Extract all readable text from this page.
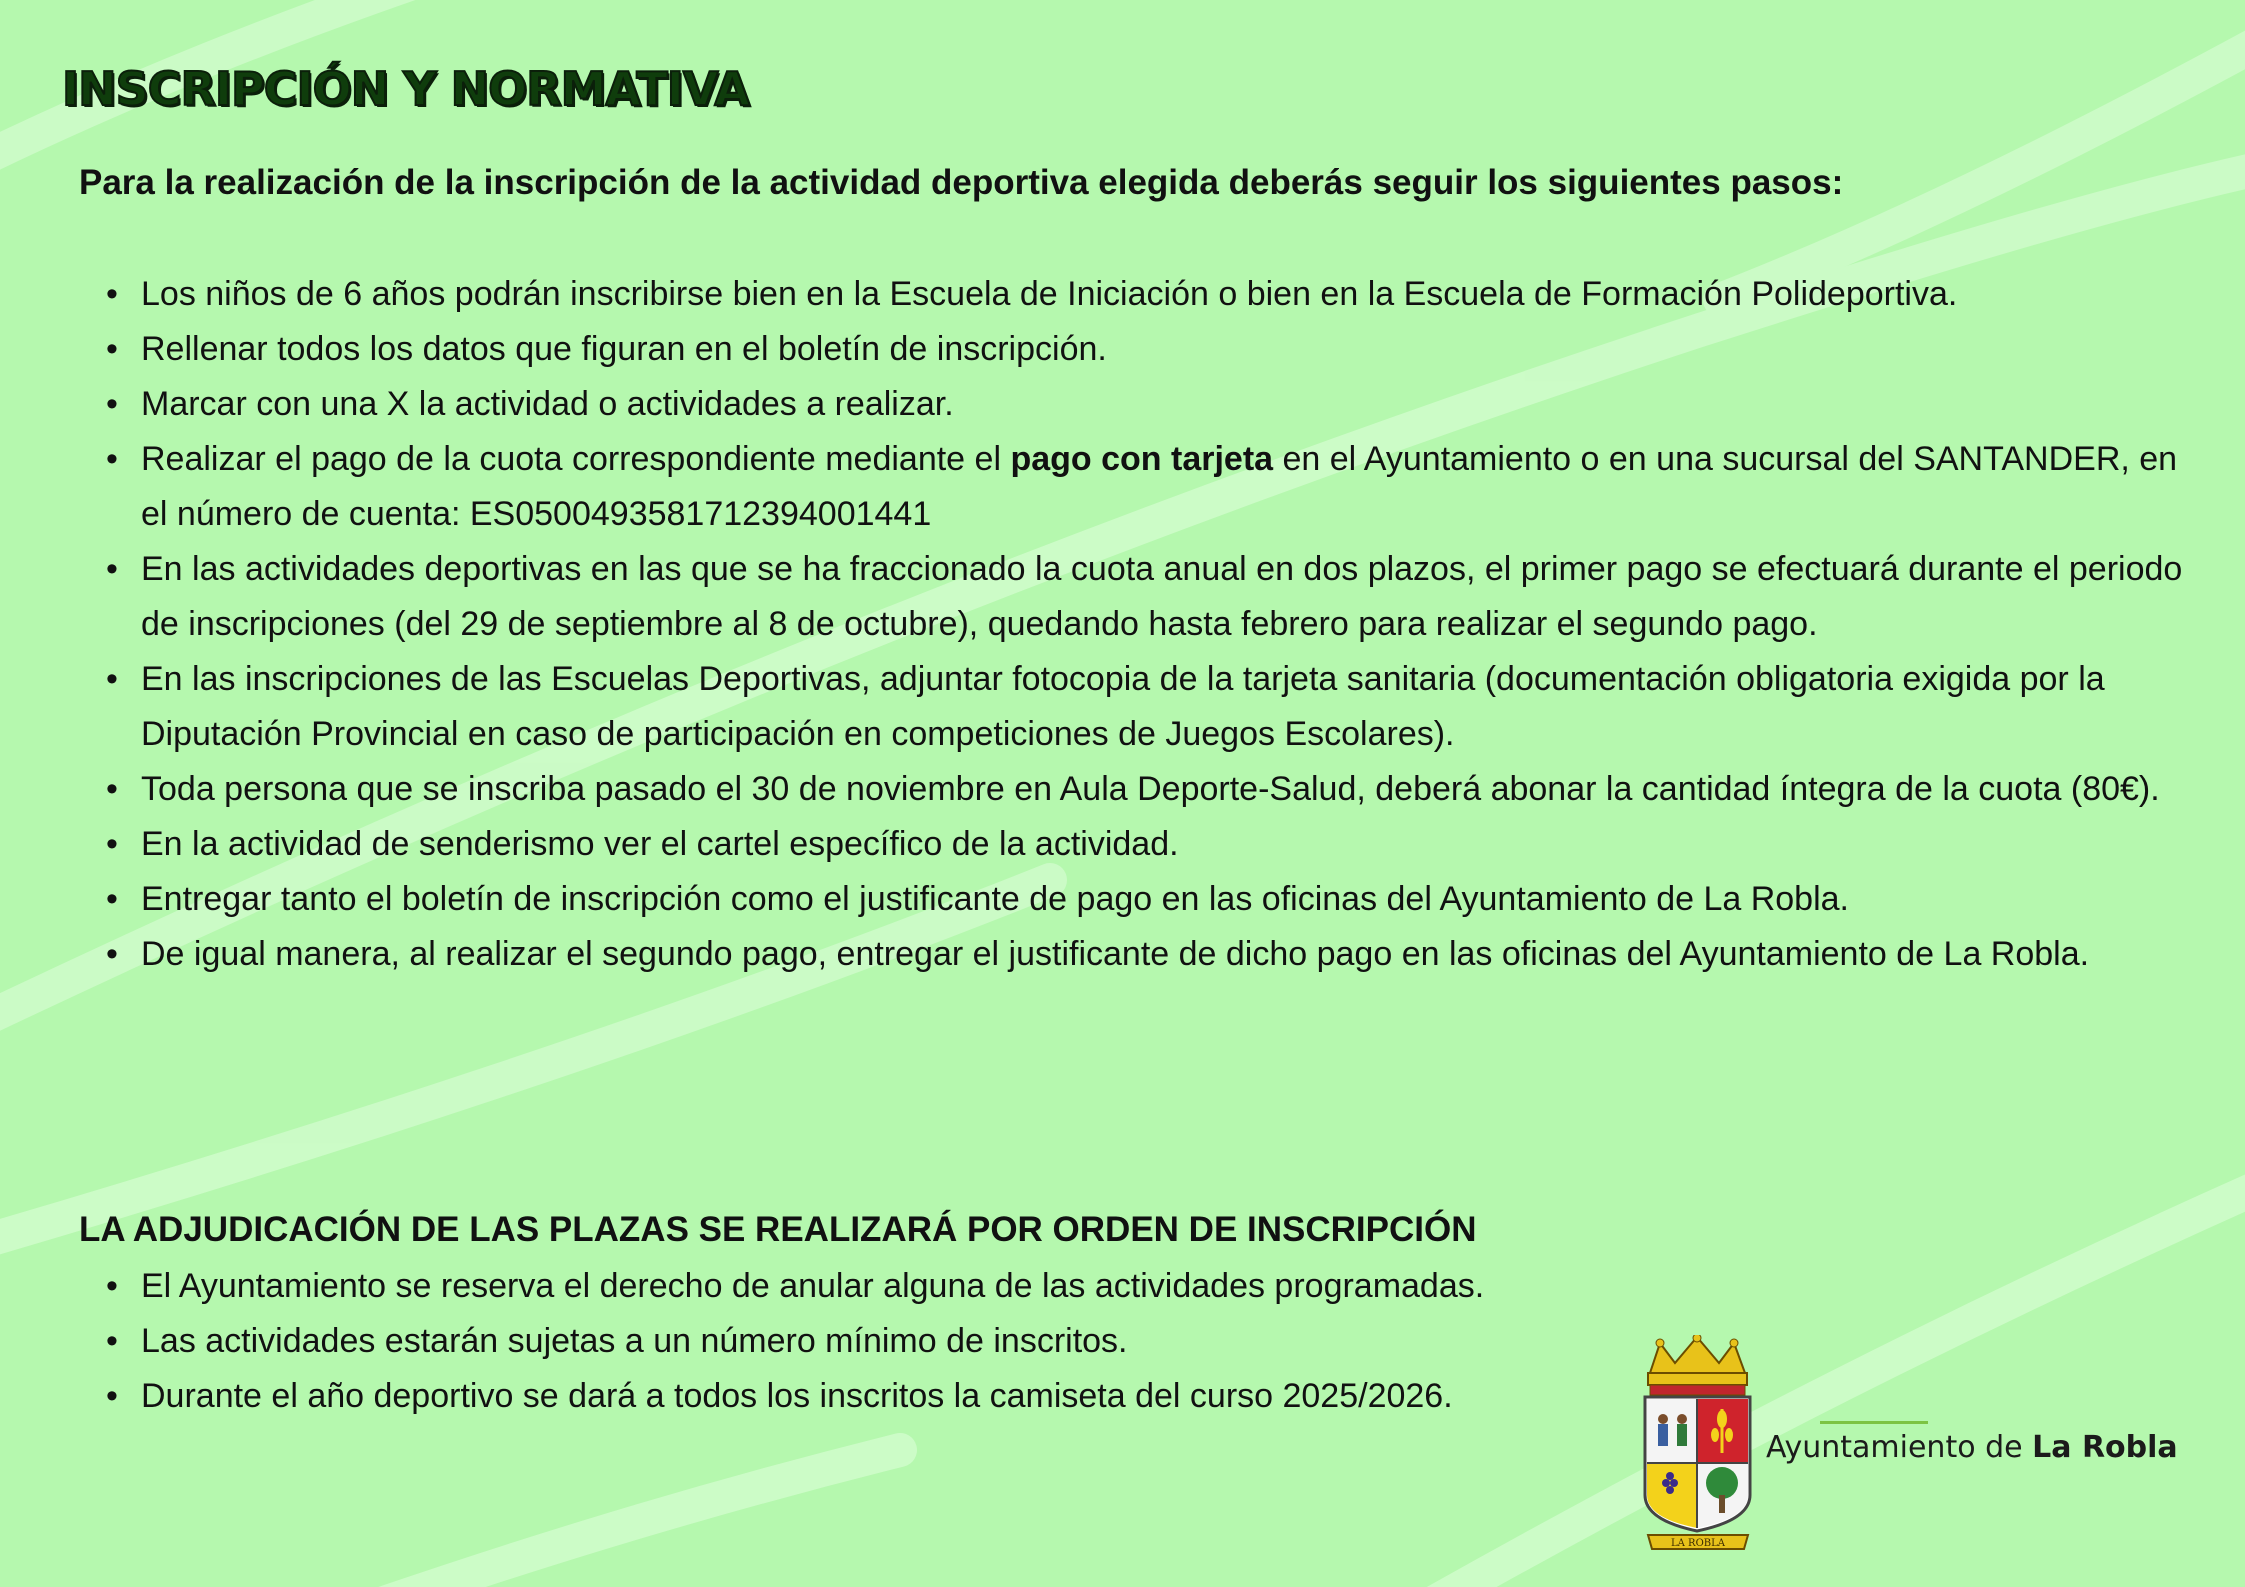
INSCRIPCIÓN Y NORMATIVA

Para la realización de la inscripción de la actividad deportiva elegida deberás seguir los siguientes pasos:

• Los niños de 6 años podrán inscribirse bien en la Escuela de Iniciación o bien en la Escuela de Formación Polideportiva.
• Rellenar todos los datos que figuran en el boletín de inscripción.
• Marcar con una X la actividad o actividades a realizar.
• Realizar el pago de la cuota correspondiente mediante el pago con tarjeta en el Ayuntamiento o en una sucursal del SANTANDER, en el número de cuenta: ES0500493581712394001441
• En las actividades deportivas en las que se ha fraccionado la cuota anual en dos plazos, el primer pago se efectuará durante el periodo de inscripciones (del 29 de septiembre al 8 de octubre), quedando hasta febrero para realizar el segundo pago.
• En las inscripciones de las Escuelas Deportivas, adjuntar fotocopia de la tarjeta sanitaria (documentación obligatoria exigida por la Diputación Provincial en caso de participación en competiciones de Juegos Escolares).
• Toda persona que se inscriba pasado el 30 de noviembre en Aula Deporte-Salud, deberá abonar la cantidad íntegra de la cuota (80€).
• En la actividad de senderismo ver el cartel específico de la actividad.
• Entregar tanto el boletín de inscripción como el justificante de pago en las oficinas del Ayuntamiento de La Robla.
• De igual manera, al realizar el segundo pago, entregar el justificante de dicho pago en las oficinas del Ayuntamiento de La Robla.
LA ADJUDICACIÓN DE LAS PLAZAS SE REALIZARÁ POR ORDEN DE INSCRIPCIÓN
• El Ayuntamiento se reserva el derecho de anular alguna de las actividades programadas.
• Las actividades estarán sujetas a un número mínimo de inscritos.
• Durante el año deportivo se dará a todos los inscritos la camiseta del curso 2025/2026.
LA ROBLA
Ayuntamiento de La Robla
